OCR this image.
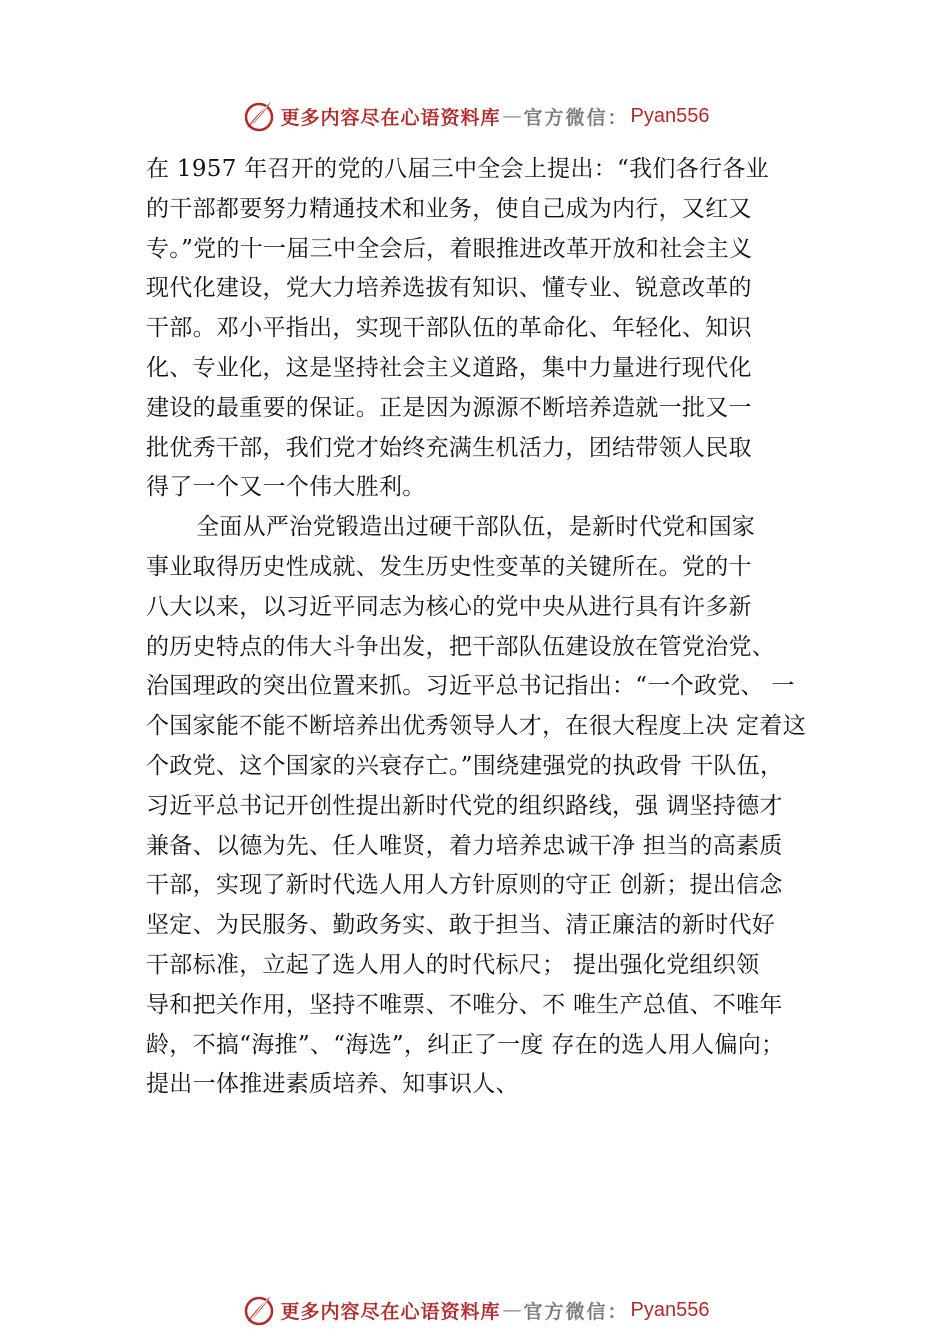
更多内容尽在心语资料库 — 官方微信： Pyan556
在 1957 年召开的党的八届三中全会上提出：“我们各行各业
的干部都要努力精通技术和业务，使自己成为内行，又红又
专。”党的十一届三中全会后，着眼推进改革开放和社会主义
现代化建设，党大力培养选拔有知识、懂专业、锐意改革的
干部。邓小平指出，实现干部队伍的革命化、年轻化、知识
化、专业化，这是坚持社会主义道路，集中力量进行现代化
建设的最重要的保证。正是因为源源不断培养造就一批又一
批优秀干部，我们党才始终充满生机活力，团结带领人民取
得了一个又一个伟大胜利。
全面从严治党锻造出过硬干部队伍，是新时代党和国家
事业取得历史性成就、发生历史性变革的关键所在。党的十
八大以来，以习近平同志为核心的党中央从进行具有许多新
的历史特点的伟大斗争出发，把干部队伍建设放在管党治党、
治国理政的突出位置来抓。习近平总书记指出：“一个政党、 一
个国家能不能不断培养出优秀领导人才，在很大程度上决 定着这
个政党、这个国家的兴衰存亡。”围绕建强党的执政骨 干队伍，
习近平总书记开创性提出新时代党的组织路线，强 调坚持德才
兼备、以德为先、任人唯贤，着力培养忠诚干净 担当的高素质
干部，实现了新时代选人用人方针原则的守正 创新；提出信念
坚定、为民服务、勤政务实、敢于担当、清正廉洁的新时代好
干部标准，立起了选人用人的时代标尺； 提出强化党组织领
导和把关作用，坚持不唯票、不唯分、不 唯生产总值、不唯年
龄，不搞“海推”、“海选”，纠正了一度 存在的选人用人偏向；
提出一体推进素质培养、知事识人、
更多内容尽在心语资料库 — 官方微信： Pyan556
